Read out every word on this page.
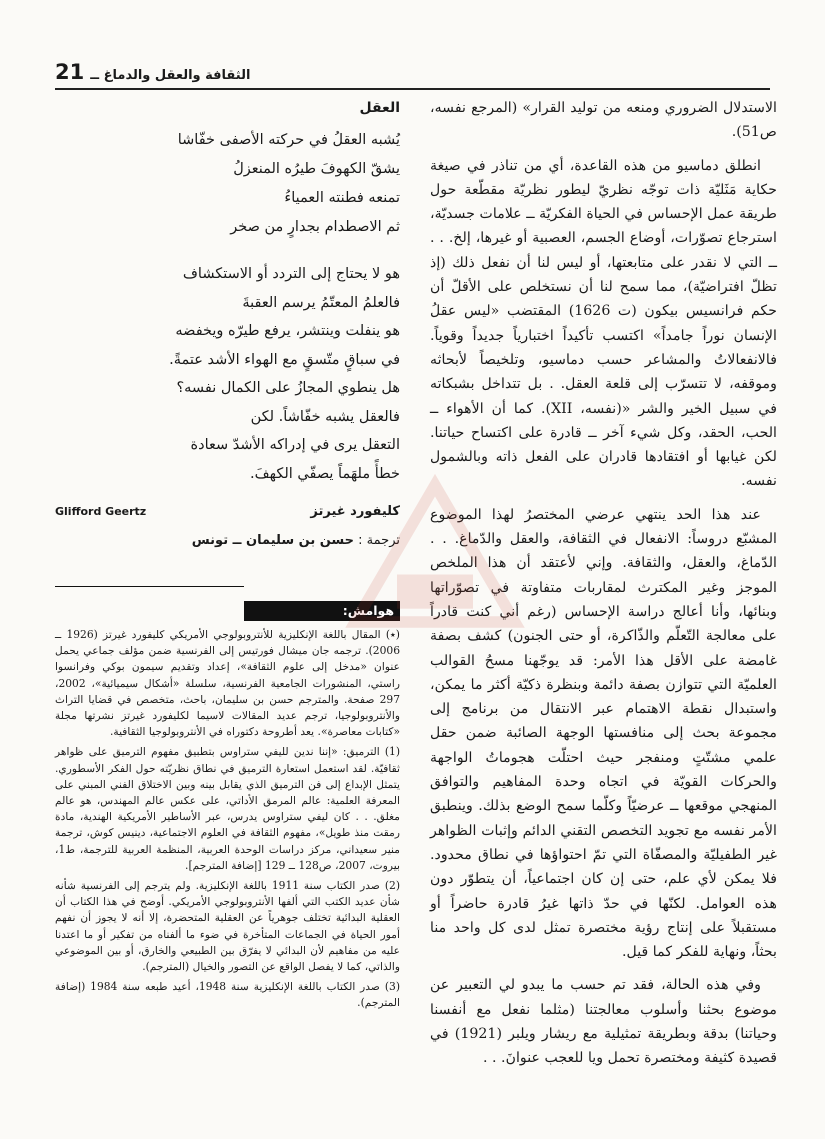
21 الثقافة والعقل والدماغ ــ

الاستدلال الضروري ومنعه من توليد القرار» (المرجع نفسه، ص51).

انطلق دماسيو من هذه القاعدة، أي من تناذر في صيغة حكاية مَثَليّة ذات توجّه نظريّ ليطور نظريّة مقطّعة حول طريقة عمل الإحساس في الحياة الفكريّة ــ علامات جسديّة، استرجاع تصوّرات، أوضاع الجسم، العصبية أو غيرها، إلخ. . . ــ التي لا نقدر على متابعتها، أو ليس لنا أن نفعل ذلك (إذ تظلّ افتراضيّة)، مما سمح لنا أن نستخلص على الأقلّ أن حكم فرانسيس بيكون (ت 1626) المقتضب «ليس عقلُ الإنسان نوراً جامداً» اكتسب تأكيداً اختبارياً جديداً وقوياً. فالانفعالاتُ والمشاعر حسب دماسيو، وتلخيصاً لأبحاثه وموقفه، لا تتسرّب إلى قلعة العقل. . بل تتداخل بشبكاته في سبيل الخير والشر «(نفسه، XII). كما أن الأهواء ــ الحب، الحقد، وكل شيء آخر ــ قادرة على اكتساح حياتنا. لكن غيابها أو افتقادها قادران على الفعل ذاته وبالشمول نفسه.

عند هذا الحد ينتهي عرضي المختصرُ لهذا الموضوع المشبّع دروساً: الانفعال في الثقافة، والعقل والدّماغ. . . الدّماغ، والعقل، والثقافة. وإني لأعتقد أن هذا الملخص الموجز وغير المكترث لمقاربات متفاوتة في تصوّراتها وبنائها، وأنا أعالج دراسة الإحساس (رغم أني كنت قادراً على معالجة التّعلّم والذّاكرة، أو حتى الجنون) كشف بصفة غامضة على الأقل هذا الأمر: قد يوجّهنا مسحُ القوالب العلميّة التي تتوازن بصفة دائمة وبنظرة ذكيّة أكثر ما يمكن، واستبدال نقطة الاهتمام عبر الانتقال من برنامج إلى مجموعة بحث إلى منافستها الوجهة الصائبة ضمن حقل علمي مشتّتٍ ومنفجر حيث احتلّت هجوماتُ الواجهة والحركات القويّة في اتجاه وحدة المفاهيم والتوافق المنهجي موقعها ــ عرضيّاً وكلّما سمح الوضع بذلك. وينطبق الأمر نفسه مع تجويد التخصص التقني الدائم وإثبات الظواهر غير الطفيليّة والمصفّاة التي تمّ احتواؤها في نطاق محدود. فلا يمكن لأي علم، حتى إن كان اجتماعياً، أن يتطوّر دون هذه العوامل. لكنّها في حدّ ذاتها غيرُ قادرة حاضراً أو مستقبلاً على إنتاج رؤية مختصرة تمثل لدى كل واحد منا بحثاً، ونهاية للفكر كما قيل.

وفي هذه الحالة، فقد تم حسب ما يبدو لي التعبير عن موضوع بحثنا وأسلوب معالجتنا (مثلما نفعل مع أنفسنا وحياتنا) بدقة وبطريقة تمثيلية مع ريشار ويلبر (1921) في قصيدة كثيفة ومختصرة تحمل ويا للعجب عنوانَ. . .

العقل

يُشبه العقلُ في حركته الأصفى خفّاشا

يشقّ الكهوفَ طيرُه المنعزلُ

تمنعه فطنته العمياءُ

ثم الاصطدام بجدارٍ من صخر

هو لا يحتاج إلى التردد أو الاستكشاف

فالعلمُ المعتّمُ يرسم العقبةَ

هو ينفلت وينتشر، يرفع طيرّه ويخفضه

في سباقٍ متّسقٍ مع الهواء الأشد عتمةً.

هل ينطوي المجازُ على الكمال نفسه؟

فالعقل يشبه خفّاشاً. لكن

التعقل يرى في إدراكه الأشدّ سعادة

خطأً ملهَماً يصفّي الكهفَ.

كليفورد غيرتز
Glifford Geertz
ترجمة : حسن بن سليمان ــ تونس
هوامش:

(٭) المقال باللغة الإنكليزية للأنتروبولوجي الأمريكي كليفورد غيرتز (1926 ــ 2006). ترجمه جان ميشال فورتيس إلى الفرنسية ضمن مؤلف جماعي يحمل عنوان «مدخل إلى علوم الثقافة»، إعداد وتقديم سيمون بوكي وفرانسوا راستي، المنشورات الجامعية الفرنسية، سلسلة «أشكال سيميائية»، 2002، 297 صفحة. والمترجم حسن بن سليمان، باحث، متخصص في قضايا التراث والأنتروبولوجيا، ترجم عديد المقالات لاسيما لكليفورد غيرتز نشرتها مجلة «كتابات معاصرة». يعد أطروحة دكتوراه في الأنتروبولوجيا الثقافية.

(1) الترميق: «إننا ندين لليفي ستراوس بتطبيق مفهوم الترميق على ظواهر ثقافيّة. لقد استعمل استعارة الترميق في نطاق نظريّته حول الفكر الأسطوري. يتمثل الإبداع إلى فن الترميق الذي يقابل بينه وبين الاختلاق الفني المبني على المعرفة العلمية: عالم المرمق الأداتي، على عكس عالم المهندس، هو عالم مغلق. . . كان ليفي ستراوس يدرس، عبر الأساطير الأمريكية الهندية، مادة رمقت منذ طويل»، مفهوم الثقافة في العلوم الاجتماعية، دينيس كوش، ترجمة منير سعيداني، مركز دراسات الوحدة العربية، المنظمة العربية للترجمة، ط1، بيروت، 2007، ص128 ــ 129 [إضافة المترجم].

(2) صدر الكتاب سنة 1911 باللغة الإنكليزية. ولم يترجم إلى الفرنسية شأنه شأن عديد الكتب التي ألفها الأنتروبولوجي الأمريكي. أوضح في هذا الكتاب أن العقلية البدائية تختلف جوهرياً عن العقلية المتحضرة، إلا أنه لا يجوز أن نفهم أمور الحياة في الجماعات المتأخرة في ضوء ما ألفناه من تفكير أو ما اعتدنا عليه من مفاهيم لأن البدائي لا يفرّق بين الطبيعي والخارق، أو بين الموضوعي والذاتي، كما لا يفصل الواقع عن التصور والخيال (المترجم).

(3) صدر الكتاب باللغة الإنكليزية سنة 1948، أعيد طبعه سنة 1984 (إضافة المترجم).
